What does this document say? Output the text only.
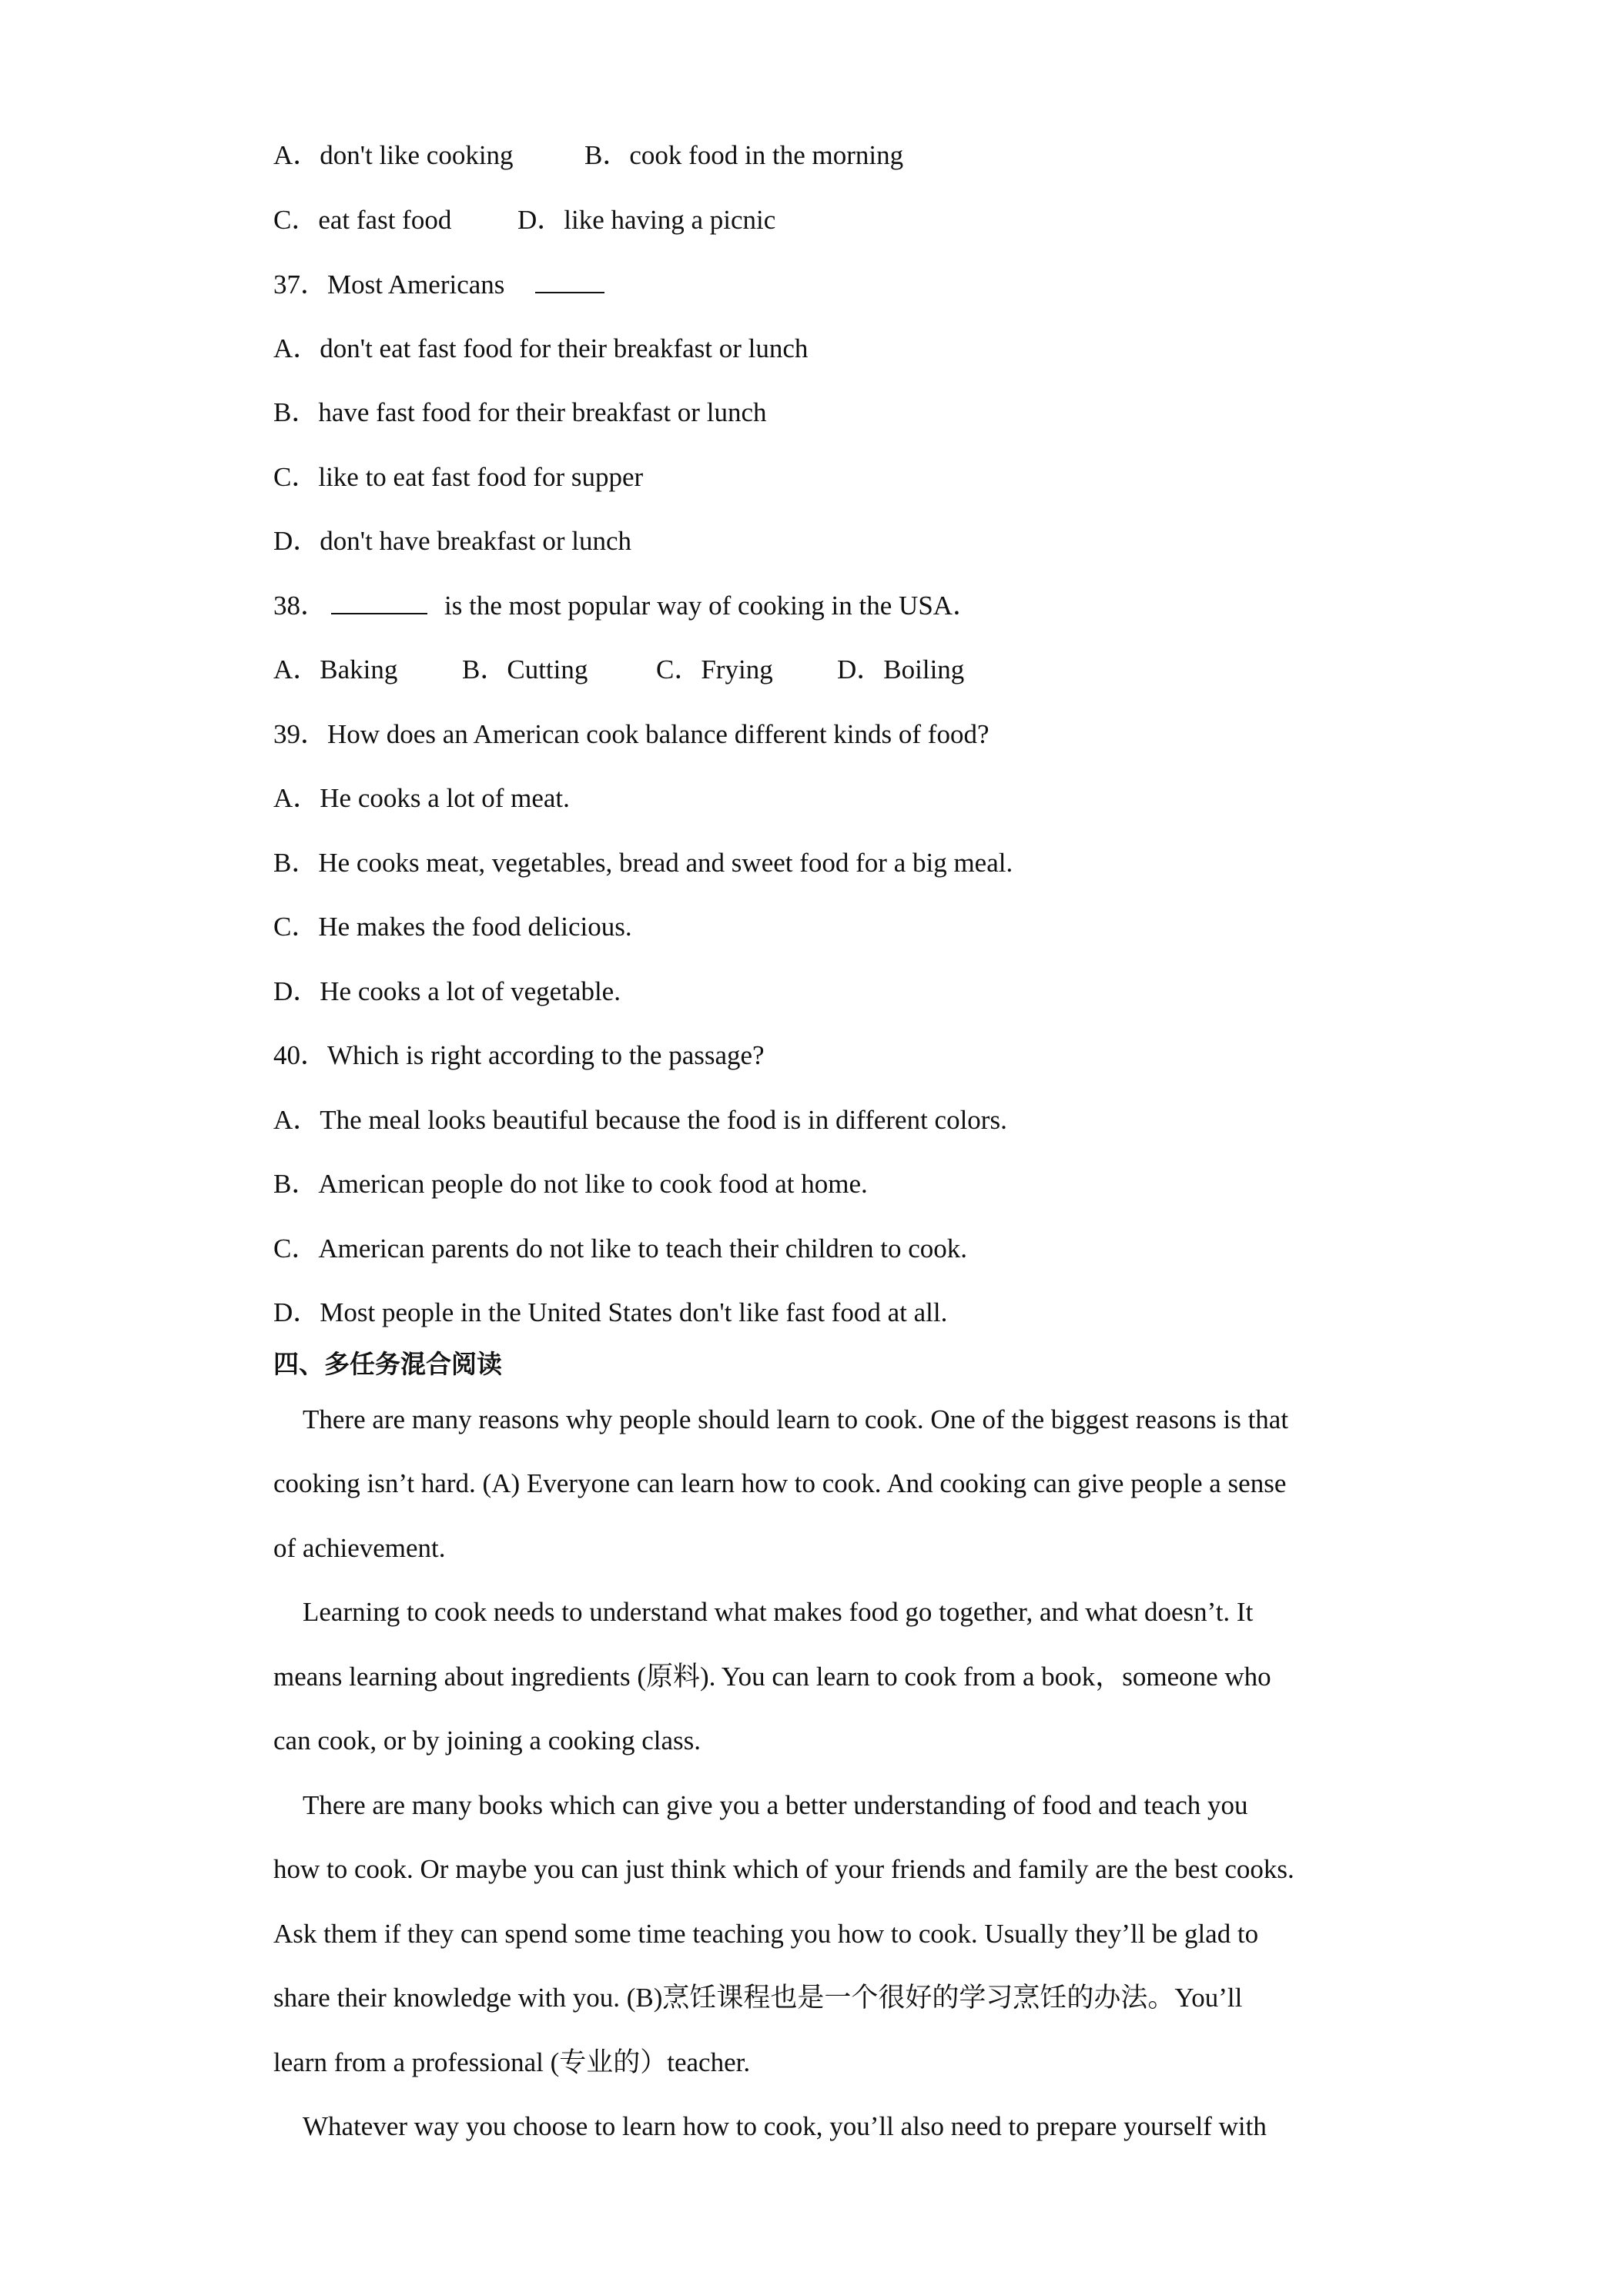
A．don't like cooking	B．cook food in the morning
C．eat fast food D．like having a picnic
37．Most Americans
A．don't eat fast food for their breakfast or lunch
B．have fast food for their breakfast or lunch
C．like to eat fast food for supper
D．don't have breakfast or lunch
38．	is the most popular way of cooking in the USA．
A．Baking B．Cutting	C．Frying D．Boiling
39．How does an American cook balance different kinds of food?
A．He cooks a lot of meat.
B．He cooks meat, vegetables, bread and sweet food for a big meal.
C．He makes the food delicious.
D．He cooks a lot of vegetable.
40．Which is right according to the passage?
A．The meal looks beautiful because the food is in different colors.
B．American people do not like to cook food at home.
C．American parents do not like to teach their children to cook.
D．Most people in the United States don't like fast food at all.
四、多任务混合阅读
There are many reasons why people should learn to cook. One of the biggest reasons is that
cooking isn’t hard. (A) Everyone can learn how to cook. And cooking can give people a sense
of achievement.
Learning to cook needs to understand what makes food go together, and what doesn’t. It
means learning about ingredients (原料). You can learn to cook from a book，someone who
can cook, or by joining a cooking class.
There are many books which can give you a better understanding of food and teach you
how to cook. Or maybe you can just think which of your friends and family are the best cooks.
Ask them if they can spend some time teaching you how to cook. Usually they’ll be glad to
share their knowledge with you. (B)烹饪课程也是一个很好的学习烹饪的办法。You’ll
learn from a professional (专业的）teacher.
Whatever way you choose to learn how to cook, you’ll also need to prepare yourself with
